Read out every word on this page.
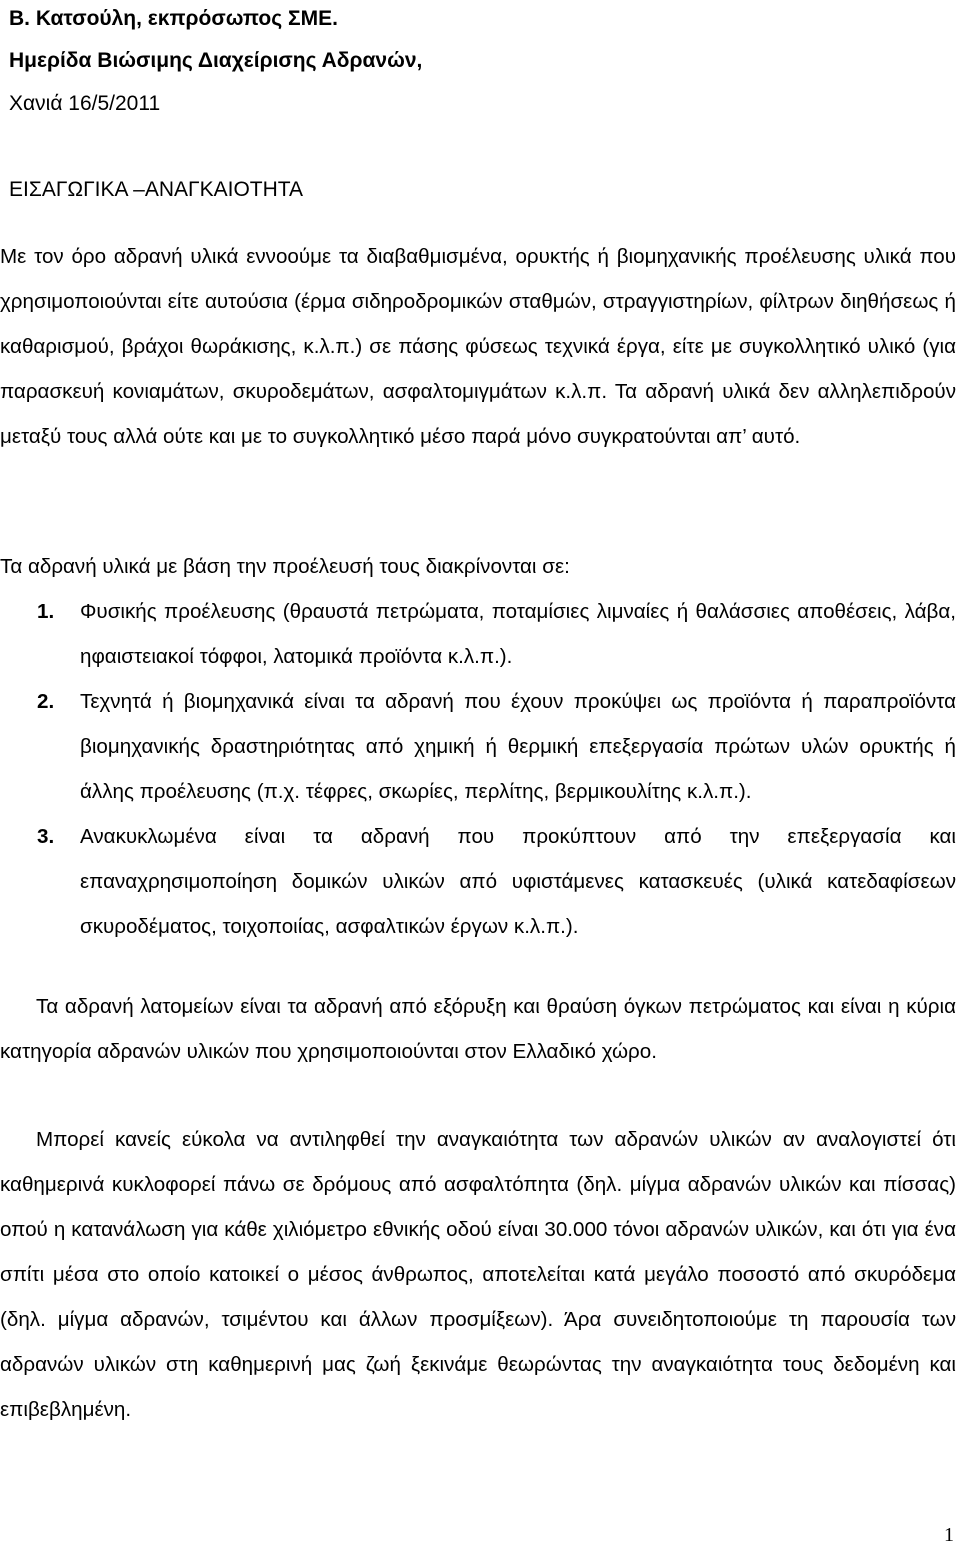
Β. Κατσούλη, εκπρόσωπος ΣΜΕ.
Ημερίδα Βιώσιμης Διαχείρισης Αδρανών,
Χανιά 16/5/2011
ΕΙΣΑΓΩΓΙΚΑ –ΑΝΑΓΚΑΙΟΤΗΤΑ

Με τον όρο αδρανή υλικά εννοούμε τα διαβαθμισμένα, ορυκτής ή βιομηχανικής προέλευσης υλικά που χρησιμοποιούνται είτε αυτούσια (έρμα σιδηροδρομικών σταθμών, στραγγιστηρίων, φίλτρων διηθήσεως ή καθαρισμού, βράχοι θωράκισης, κ.λ.π.) σε πάσης φύσεως τεχνικά έργα, είτε με συγκολλητικό υλικό (για παρασκευή κονιαμάτων, σκυροδεμάτων, ασφαλτομιγμάτων κ.λ.π. Τα αδρανή υλικά δεν αλληλεπιδρούν μεταξύ τους αλλά ούτε και με το συγκολλητικό μέσο παρά μόνο συγκρατούνται απ’ αυτό.

Τα αδρανή υλικά με βάση την προέλευσή τους διακρίνονται σε:

1. Φυσικής προέλευσης (θραυστά πετρώματα, ποταμίσιες λιμναίες ή θαλάσσιες αποθέσεις, λάβα, ηφαιστειακοί τόφφοι, λατομικά προϊόντα κ.λ.π.).
2. Τεχνητά ή βιομηχανικά είναι τα αδρανή που έχουν προκύψει ως προϊόντα ή παραπροϊόντα βιομηχανικής δραστηριότητας από χημική ή θερμική επεξεργασία πρώτων υλών ορυκτής ή άλλης προέλευσης (π.χ. τέφρες, σκωρίες, περλίτης, βερμικουλίτης κ.λ.π.).
3. Ανακυκλωμένα είναι τα αδρανή που προκύπτουν από την επεξεργασία και επαναχρησιμοποίηση δομικών υλικών από υφιστάμενες κατασκευές (υλικά κατεδαφίσεων σκυροδέματος, τοιχοποιίας, ασφαλτικών έργων κ.λ.π.).

Τα αδρανή λατομείων είναι τα αδρανή από εξόρυξη και θραύση όγκων πετρώματος και είναι η κύρια κατηγορία αδρανών υλικών που χρησιμοποιούνται στον Ελλαδικό χώρο.

Μπορεί κανείς εύκολα να αντιληφθεί την αναγκαιότητα των αδρανών υλικών αν αναλογιστεί ότι καθημερινά κυκλοφορεί πάνω σε δρόμους από ασφαλτόπητα (δηλ. μίγμα αδρανών υλικών και πίσσας) οπού η κατανάλωση για κάθε χιλιόμετρο εθνικής οδού είναι 30.000 τόνοι αδρανών υλικών, και ότι για ένα σπίτι μέσα στο οποίο κατοικεί ο μέσος άνθρωπος, αποτελείται κατά μεγάλο ποσοστό από σκυρόδεμα (δηλ. μίγμα αδρανών, τσιμέντου και άλλων προσμίξεων). Άρα συνειδητοποιούμε τη παρουσία των αδρανών υλικών στη καθημερινή μας ζωή ξεκινάμε θεωρώντας την αναγκαιότητα τους δεδομένη και επιβεβλημένη.

1
